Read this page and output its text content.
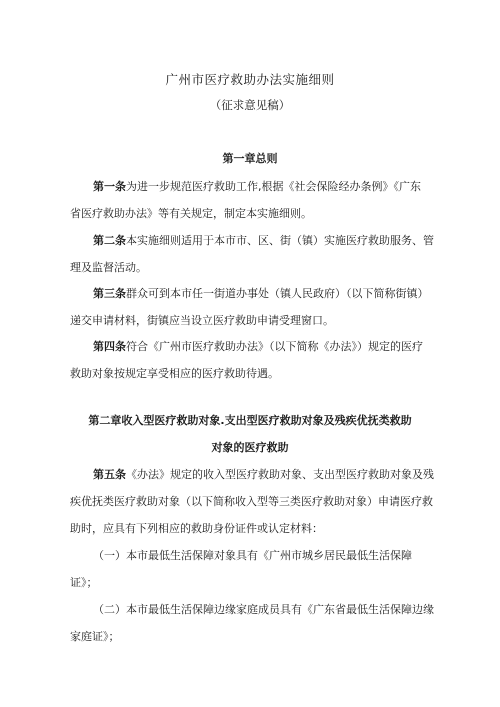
广州市医疗救助办法实施细则
（征求意见稿）
第一章总则
第一条为进一步规范医疗救助工作,根据《社会保险经办条例》《广东
省医疗救助办法》等有关规定，制定本实施细则。
第二条本实施细则适用于本市市、区、街（镇）实施医疗救助服务、管
理及监督活动。
第三条群众可到本市任一街道办事处（镇人民政府）（以下简称街镇）
递交申请材料，街镇应当设立医疗救助申请受理窗口。
第四条符合《广州市医疗救助办法》（以下简称《办法》）规定的医疗
救助对象按规定享受相应的医疗救助待遇。
第二章收入型医疗救助对象.支出型医疗救助对象及残疾优抚类救助
对象的医疗救助
第五条《办法》规定的收入型医疗救助对象、支出型医疗救助对象及残
疾优抚类医疗救助对象（以下简称收入型等三类医疗救助对象）申请医疗救
助时，应具有下列相应的救助身份证件或认定材料：
（一）本市最低生活保障对象具有《广州市城乡居民最低生活保障
证》；
（二）本市最低生活保障边缘家庭成员具有《广东省最低生活保障边缘
家庭证》；
